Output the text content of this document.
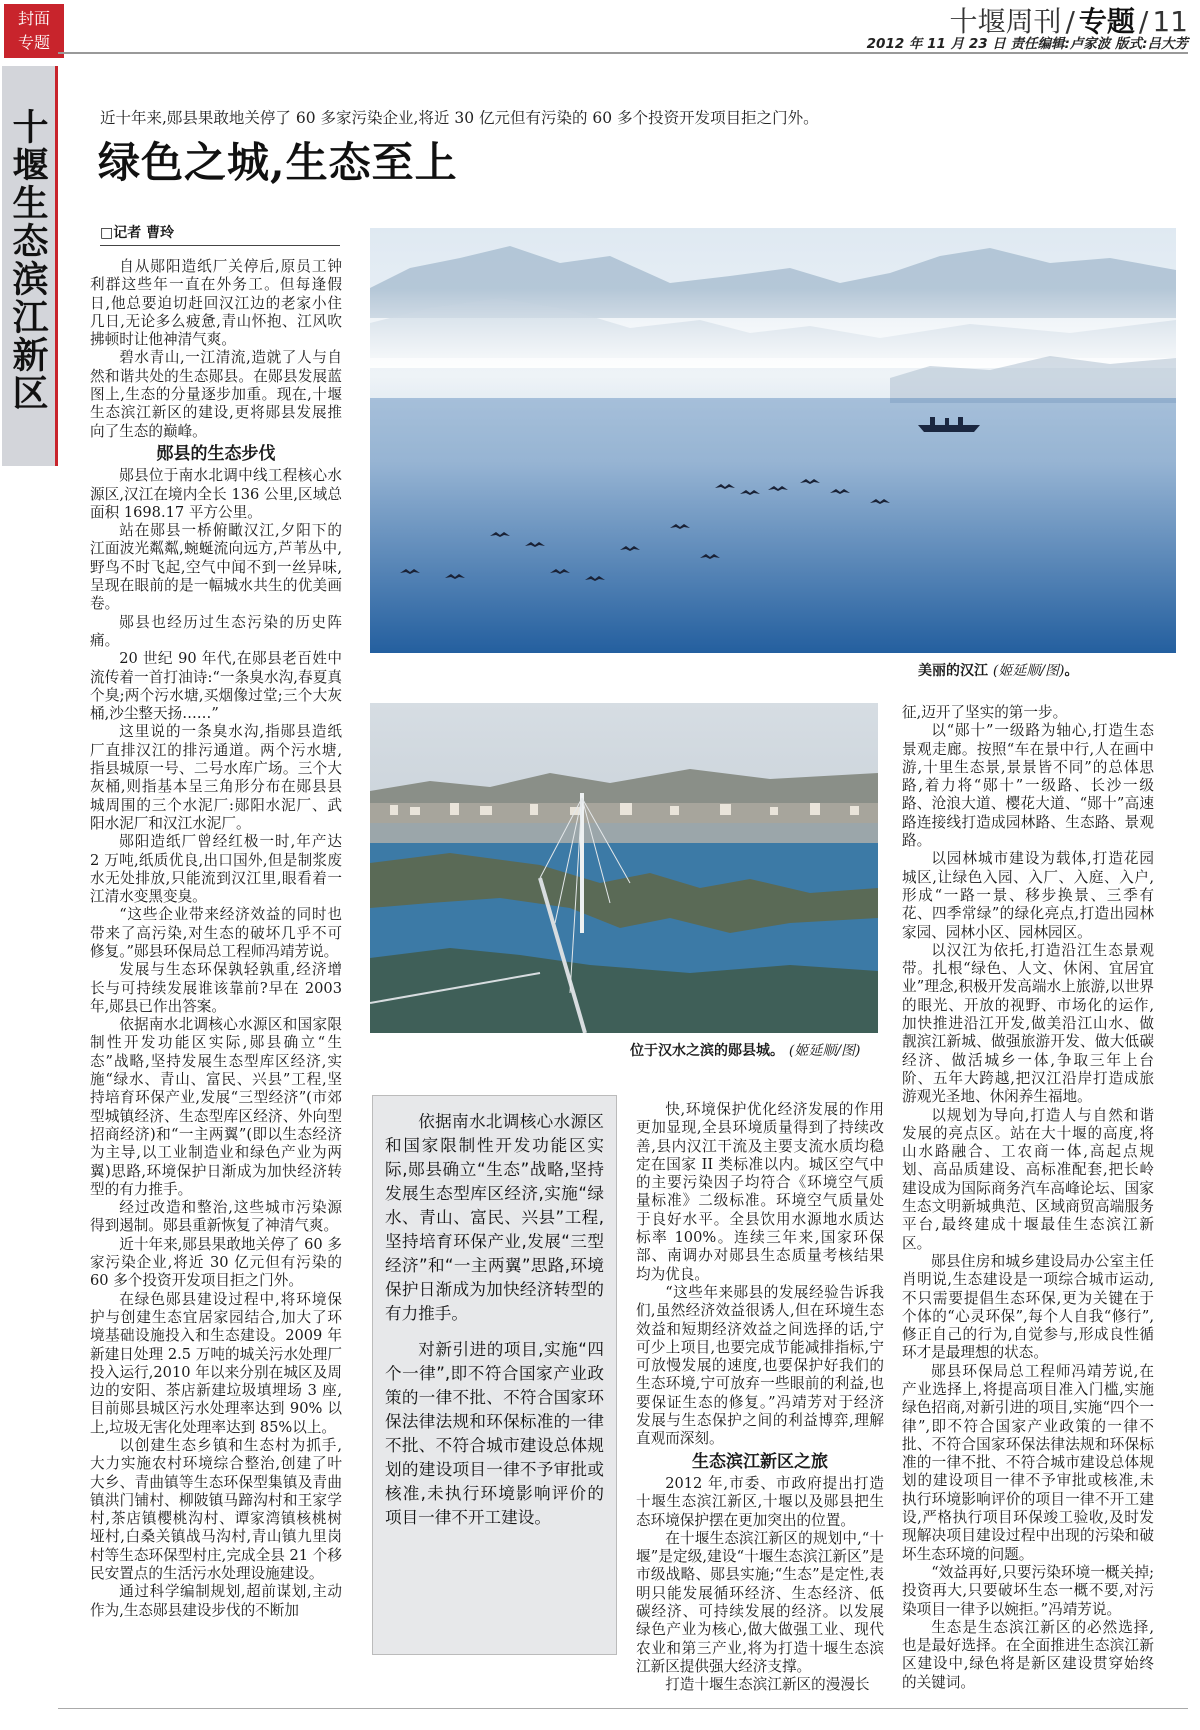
封面
专题
十堰周刊 / 专题 / 11
2012 年 11 月 23 日 责任编辑:卢家波 版式:吕大芳
十堰生态滨江新区	近十年来,郧县果敢地关停了 60 多家污染企业,将近 30 亿元但有污染的 60 多个投资开发项目拒之门外。
绿色之城,生态至上
□记者 曹玲

自从郧阳造纸厂关停后,原员工钟利群这些年一直在外务工。但每逢假日,他总要迫切赶回汉江边的老家小住几日,无论多么疲惫,青山怀抱、江风吹拂顿时让他神清气爽。

碧水青山,一江清流,造就了人与自然和谐共处的生态郧县。在郧县发展蓝图上,生态的分量逐步加重。现在,十堰生态滨江新区的建设,更将郧县发展推向了生态的巅峰。

郧县的生态步伐

郧县位于南水北调中线工程核心水源区,汉江在境内全长 136 公里,区域总面积 1698.17 平方公里。

站在郧县一桥俯瞰汉江,夕阳下的江面波光粼粼,蜿蜒流向远方,芦苇丛中,野鸟不时飞起,空气中闻不到一丝异味,呈现在眼前的是一幅城水共生的优美画卷。

郧县也经历过生态污染的历史阵痛。

20 世纪 90 年代,在郧县老百姓中流传着一首打油诗:“一条臭水沟,春夏真个臭;两个污水塘,买烟像过堂;三个大灰桶,沙尘整天扬……”

这里说的一条臭水沟,指郧县造纸厂直排汉江的排污通道。两个污水塘,指县城原一号、二号水库广场。三个大灰桶,则指基本呈三角形分布在郧县县城周围的三个水泥厂:郧阳水泥厂、武阳水泥厂和汉江水泥厂。

郧阳造纸厂曾经红极一时,年产达 2 万吨,纸质优良,出口国外,但是制浆废水无处排放,只能流到汉江里,眼看着一江清水变黑变臭。

“这些企业带来经济效益的同时也带来了高污染,对生态的破坏几乎不可修复。”郧县环保局总工程师冯靖芳说。

发展与生态环保孰轻孰重,经济增长与可持续发展谁该靠前?早在 2003 年,郧县已作出答案。

依据南水北调核心水源区和国家限制性开发功能区实际,郧县确立“生态”战略,坚持发展生态型库区经济,实施“绿水、青山、富民、兴县”工程,坚持培育环保产业,发展“三型经济”(市郊型城镇经济、生态型库区经济、外向型招商经济)和“一主两翼”(即以生态经济为主导,以工业制造业和绿色产业为两翼)思路,环境保护日渐成为加快经济转型的有力推手。

经过改造和整治,这些城市污染源得到遏制。郧县重新恢复了神清气爽。

近十年来,郧县果敢地关停了 60 多家污染企业,将近 30 亿元但有污染的 60 多个投资开发项目拒之门外。

在绿色郧县建设过程中,将环境保护与创建生态宜居家园结合,加大了环境基础设施投入和生态建设。2009 年新建日处理 2.5 万吨的城关污水处理厂投入运行,2010 年以来分别在城区及周边的安阳、茶店新建垃圾填埋场 3 座,目前郧县城区污水处理率达到 90% 以上,垃圾无害化处理率达到 85%以上。

以创建生态乡镇和生态村为抓手,大力实施农村环境综合整治,创建了叶大乡、青曲镇等生态环保型集镇及青曲镇洪门铺村、柳陂镇马蹄沟村和王家学村,茶店镇樱桃沟村、谭家湾镇核桃树垭村,白桑关镇战马沟村,青山镇九里岗村等生态环保型村庄,完成全县 21 个移民安置点的生活污水处理设施建设。

通过科学编制规划,超前谋划,主动作为,生态郧县建设步伐的不断加

美丽的汉江 (姬延顺/图)。
位于汉水之滨的郧县城。 (姬延顺/图)

依据南水北调核心水源区和国家限制性开发功能区实际,郧县确立“生态”战略,坚持发展生态型库区经济,实施“绿水、青山、富民、兴县”工程,坚持培育环保产业,发展“三型经济”和“一主两翼”思路,环境保护日渐成为加快经济转型的有力推手。

对新引进的项目,实施“四个一律”,即不符合国家产业政策的一律不批、不符合国家环保法律法规和环保标准的一律不批、不符合城市建设总体规划的建设项目一律不予审批或核准,未执行环境影响评价的项目一律不开工建设。

快,环境保护优化经济发展的作用更加显现,全县环境质量得到了持续改善,县内汉江干流及主要支流水质均稳定在国家 II 类标准以内。城区空气中的主要污染因子均符合《环境空气质量标准》二级标准。环境空气质量处于良好水平。全县饮用水源地水质达标率 100%。连续三年来,国家环保部、南调办对郧县生态质量考核结果均为优良。

“这些年来郧县的发展经验告诉我们,虽然经济效益很诱人,但在环境生态效益和短期经济效益之间选择的话,宁可少上项目,也要完成节能减排指标,宁可放慢发展的速度,也要保护好我们的生态环境,宁可放弃一些眼前的利益,也要保证生态的修复。”冯靖芳对于经济发展与生态保护之间的利益博弈,理解直观而深刻。

生态滨江新区之旅

2012 年,市委、市政府提出打造十堰生态滨江新区,十堰以及郧县把生态环境保护摆在更加突出的位置。

在十堰生态滨江新区的规划中,“十堰”是定级,建设“十堰生态滨江新区”是市级战略、郧县实施;“生态”是定性,表明只能发展循环经济、生态经济、低碳经济、可持续发展的经济。以发展绿色产业为核心,做大做强工业、现代农业和第三产业,将为打造十堰生态滨江新区提供强大经济支撑。

打造十堰生态滨江新区的漫漫长

征,迈开了坚实的第一步。

以“郧十”一级路为轴心,打造生态景观走廊。按照“车在景中行,人在画中游,十里生态景,景景皆不同”的总体思路,着力将“郧十”一级路、长沙一级路、沧浪大道、樱花大道、“郧十”高速路连接线打造成园林路、生态路、景观路。

以园林城市建设为载体,打造花园城区,让绿色入园、入厂、入庭、入户,形成“一路一景、移步换景、三季有花、四季常绿”的绿化亮点,打造出园林家园、园林小区、园林园区。

以汉江为依托,打造沿江生态景观带。扎根“绿色、人文、休闲、宜居宜业”理念,积极开发高端水上旅游,以世界的眼光、开放的视野、市场化的运作,加快推进沿江开发,做美沿江山水、做靓滨江新城、做强旅游开发、做大低碳经济、做活城乡一体,争取三年上台阶、五年大跨越,把汉江沿岸打造成旅游观光圣地、休闲养生福地。

以规划为导向,打造人与自然和谐发展的亮点区。站在大十堰的高度,将山水路融合、工农商一体,高起点规划、高品质建设、高标准配套,把长岭建设成为国际商务汽车高峰论坛、国家生态文明新城典范、区域商贸高端服务平台,最终建成十堰最佳生态滨江新区。

郧县住房和城乡建设局办公室主任肖明说,生态建设是一项综合城市运动,不只需要提倡生态环保,更为关键在于个体的“心灵环保”,每个人自我“修行”,修正自己的行为,自觉参与,形成良性循环才是最理想的状态。

郧县环保局总工程师冯靖芳说,在产业选择上,将提高项目准入门槛,实施绿色招商,对新引进的项目,实施“四个一律”,即不符合国家产业政策的一律不批、不符合国家环保法律法规和环保标准的一律不批、不符合城市建设总体规划的建设项目一律不予审批或核准,未执行环境影响评价的项目一律不开工建设,严格执行项目环保竣工验收,及时发现解决项目建设过程中出现的污染和破坏生态环境的问题。

“效益再好,只要污染环境一概关掉;投资再大,只要破坏生态一概不要,对污染项目一律予以婉拒。”冯靖芳说。

生态是生态滨江新区的必然选择,也是最好选择。在全面推进生态滨江新区建设中,绿色将是新区建设贯穿始终的关键词。
